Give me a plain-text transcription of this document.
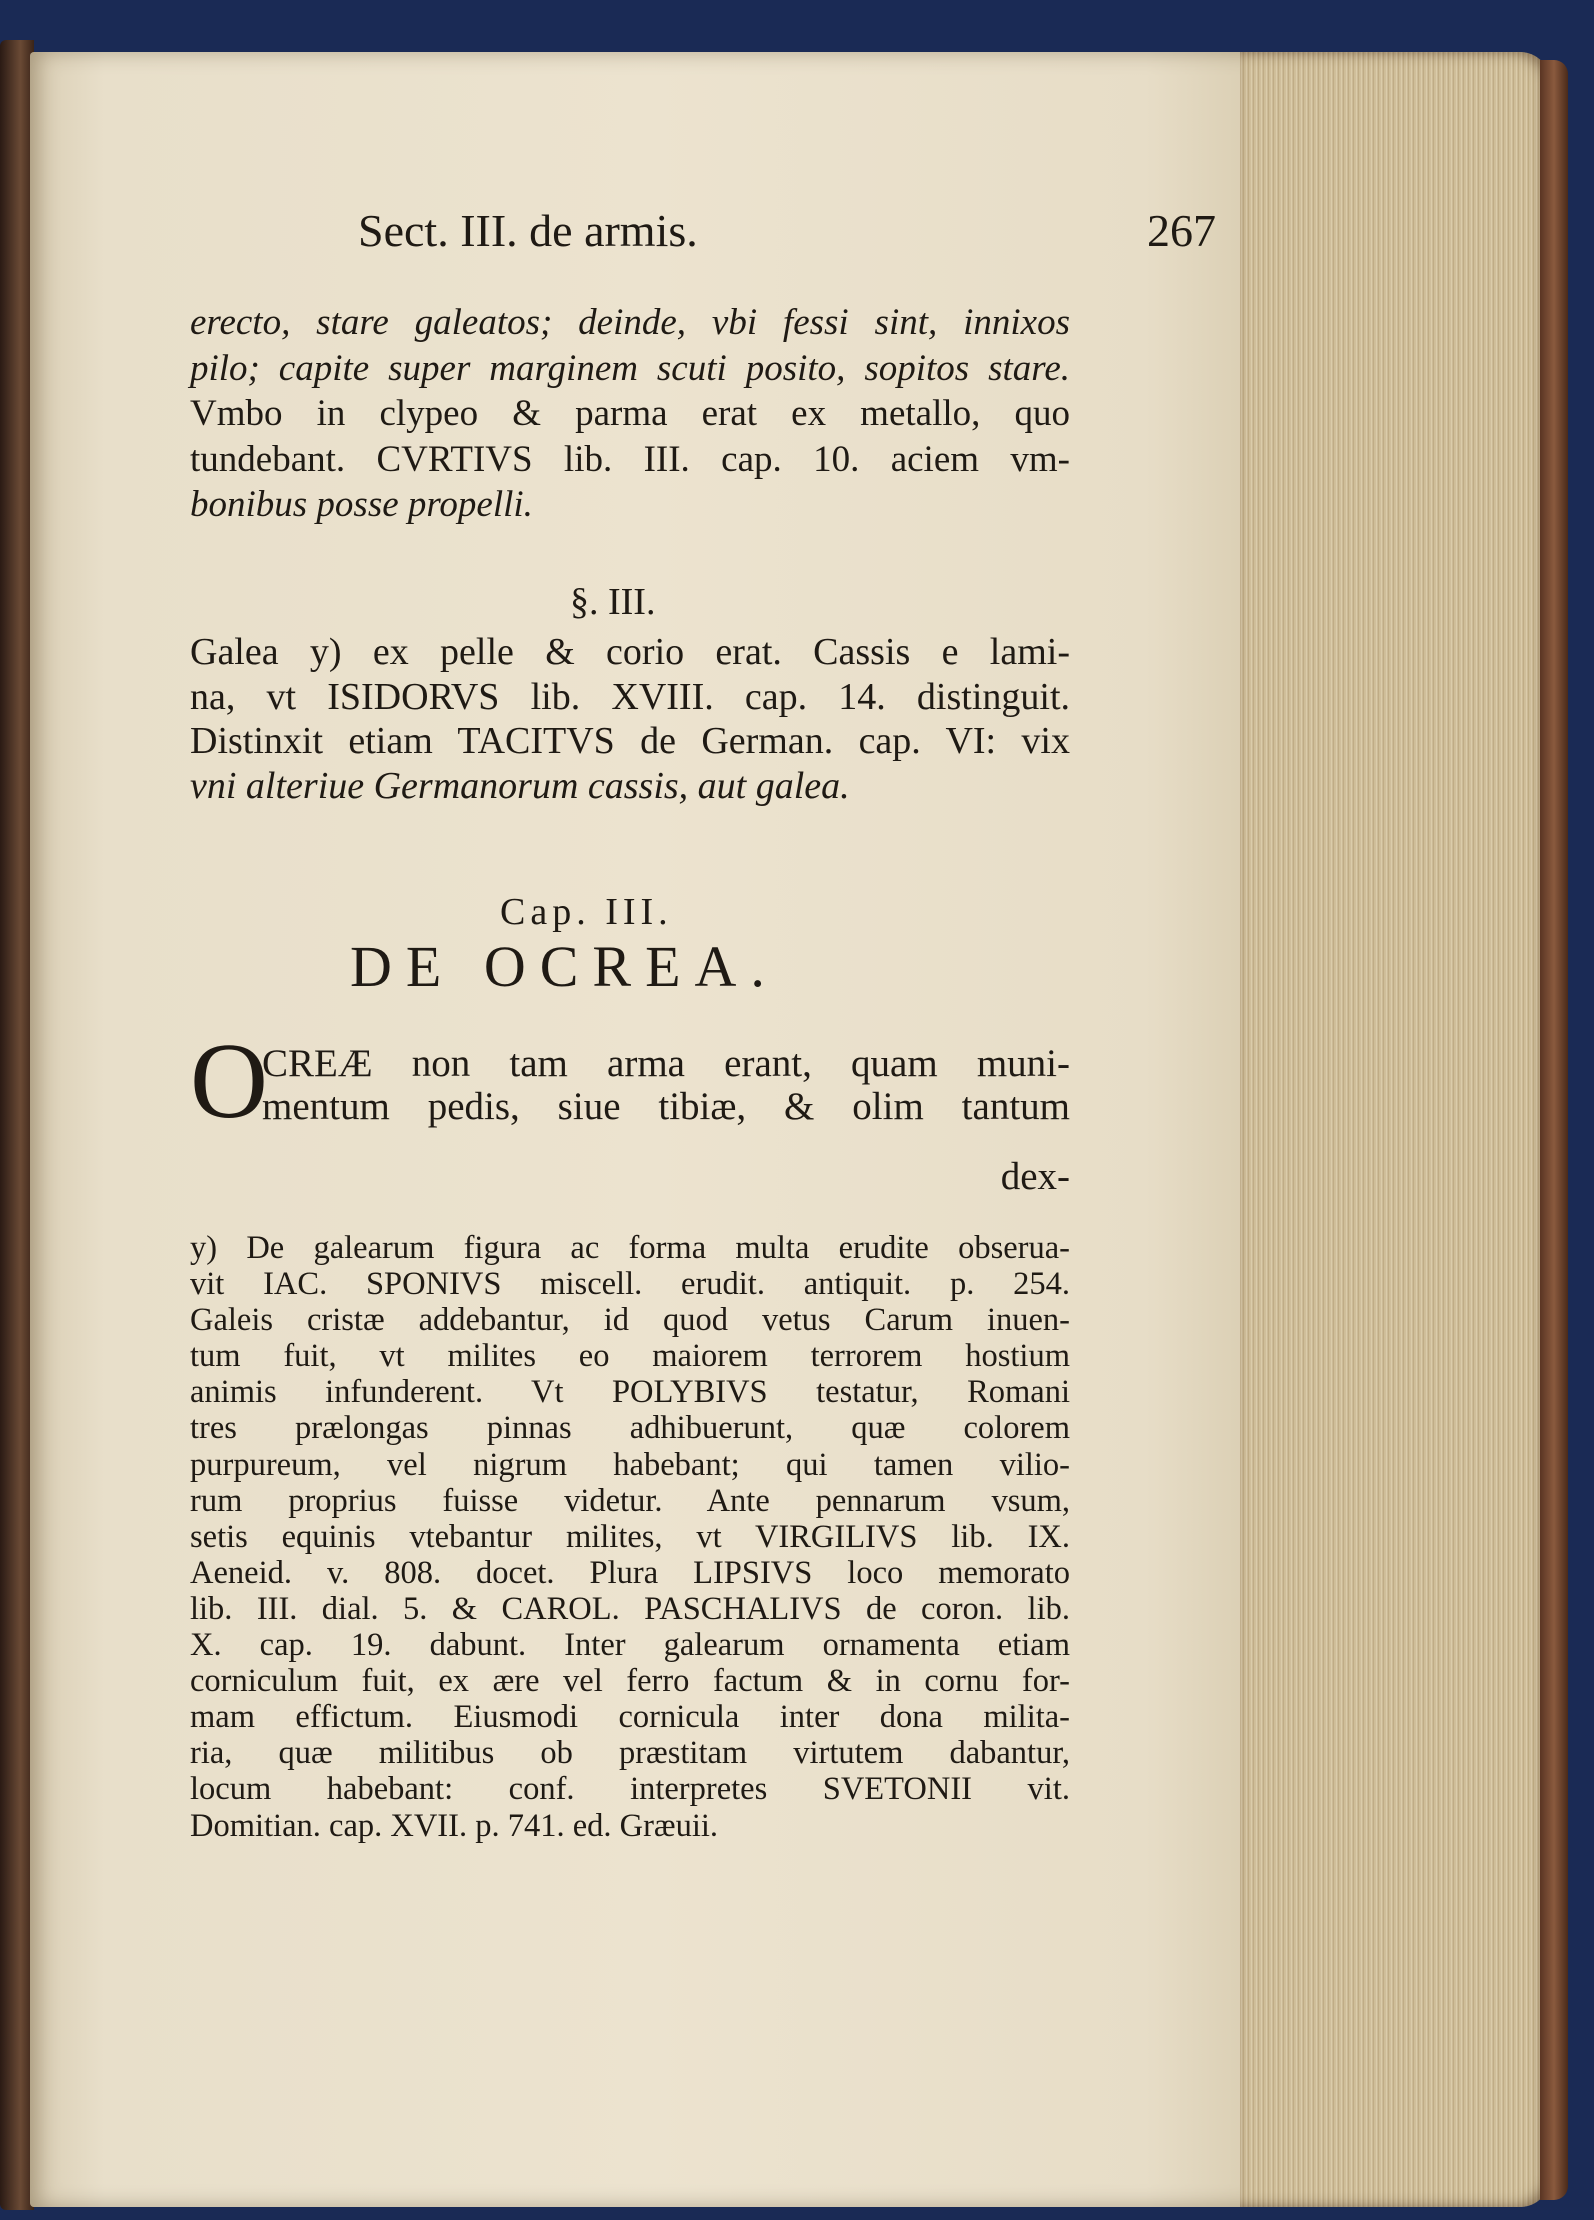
Sect. III. de armis.	267
erecto, stare galeatos; deinde, vbi fessi sint, innixos
pilo; capite super marginem scuti posito, sopitos stare.
Vmbo in clypeo & parma erat ex metallo, quo
tundebant. CVRTIVS lib. III. cap. 10. aciem vm-
bonibus posse propelli.
§. III.
Galea y) ex pelle & corio erat. Cassis e lami-
na, vt ISIDORVS lib. XVIII. cap. 14. distinguit.
Distinxit etiam TACITVS de German. cap. VI: vix
vni alteriue Germanorum cassis, aut galea.
Cap. III.
DE OCREA.
O
CREÆ non tam arma erant, quam muni-
mentum pedis, siue tibiæ, & olim tantum
dex-
y) De galearum figura ac forma multa erudite obserua-
vit IAC. SPONIVS miscell. erudit. antiquit. p. 254.
Galeis cristæ addebantur, id quod vetus Carum inuen-
tum fuit, vt milites eo maiorem terrorem hostium
animis infunderent. Vt POLYBIVS testatur, Romani
tres prælongas pinnas adhibuerunt, quæ colorem
purpureum, vel nigrum habebant; qui tamen vilio-
rum proprius fuisse videtur. Ante pennarum vsum,
setis equinis vtebantur milites, vt VIRGILIVS lib. IX.
Aeneid. v. 808. docet. Plura LIPSIVS loco memorato
lib. III. dial. 5. & CAROL. PASCHALIVS de coron. lib.
X. cap. 19. dabunt. Inter galearum ornamenta etiam
corniculum fuit, ex ære vel ferro factum & in cornu for-
mam effictum. Eiusmodi cornicula inter dona milita-
ria, quæ militibus ob præstitam virtutem dabantur,
locum habebant: conf. interpretes SVETONII vit.
Domitian. cap. XVII. p. 741. ed. Græuii.
